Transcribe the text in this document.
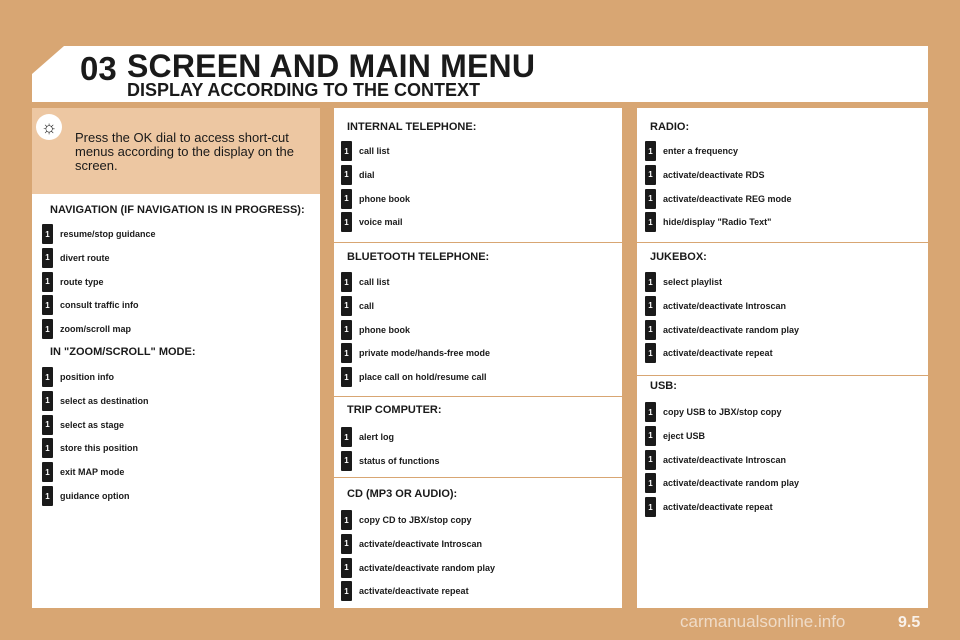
03 SCREEN AND MAIN MENU
DISPLAY ACCORDING TO THE CONTEXT
☼
Press the OK dial to access short-cut menus according to the display on the screen.
NAVIGATION (IF NAVIGATION IS IN PROGRESS):
IN "ZOOM/SCROLL" MODE:
INTERNAL TELEPHONE:
BLUETOOTH TELEPHONE:
TRIP COMPUTER:
CD (MP3 OR AUDIO):
RADIO:
JUKEBOX:
USB:
carmanualsonline.info	9.5
1	resume/stop guidance
1	divert route
1	route type
1	consult traffic info
1	zoom/scroll map
1	position info
1	select as destination
1	select as stage
1	store this position
1	exit MAP mode
1	guidance option
1	call list
1	dial
1	phone book
1	voice mail
1	call list
1	call
1	phone book
1	private mode/hands-free mode
1	place call on hold/resume call
1	alert log
1	status of functions
1	copy CD to JBX/stop copy
1	activate/deactivate Introscan
1	activate/deactivate random play
1	activate/deactivate repeat
1	enter a frequency
1	activate/deactivate RDS
1	activate/deactivate REG mode
1	hide/display "Radio Text"
1	select playlist
1	activate/deactivate Introscan
1	activate/deactivate random play
1	activate/deactivate repeat
1	copy USB to JBX/stop copy
1	eject USB
1	activate/deactivate Introscan
1	activate/deactivate random play
1	activate/deactivate repeat
